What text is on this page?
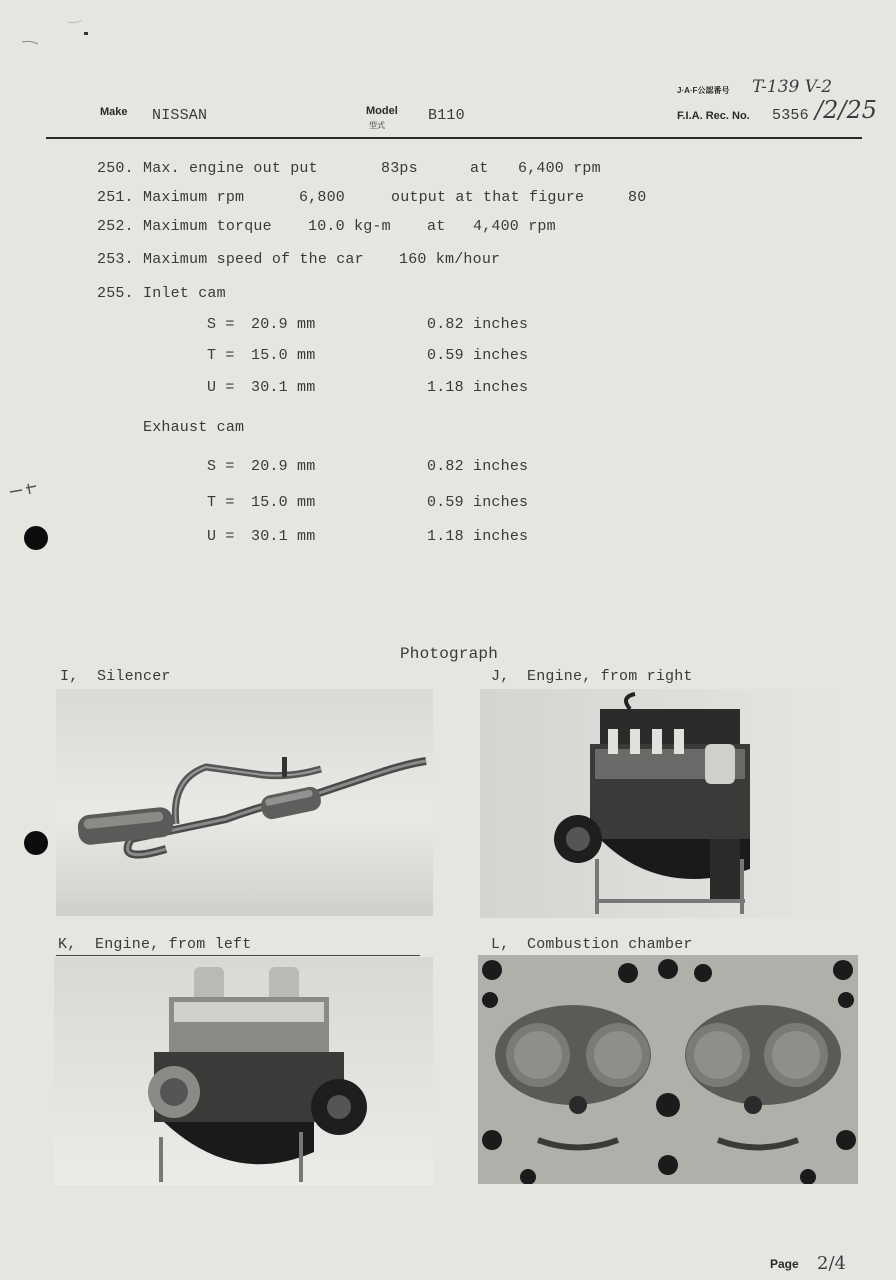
Make NISSAN	Model
型式
B110
J·A·F公認番号 T-139 V-2
F.I.A. Rec. No. 5356 /2/25
250. Max. engine out put	83ps	at 6,400 rpm
251. Maximum rpm	6,800	output at that figure	80
252. Maximum torque 10.0 kg-m at 4,400 rpm
253. Maximum speed of the car 160 km/hour
255. Inlet cam
S = 20.9 mm	0.82 inches
T = 15.0 mm	0.59 inches
U = 30.1 mm	1.18 inches
Exhaust cam
S = 20.9 mm	0.82 inches
T = 15.0 mm	0.59 inches
U = 30.1 mm	1.18 inches
Photograph
I, Silencer	J, Engine, from right
K, Engine, from left	L, Combustion chamber
Page 2/4
